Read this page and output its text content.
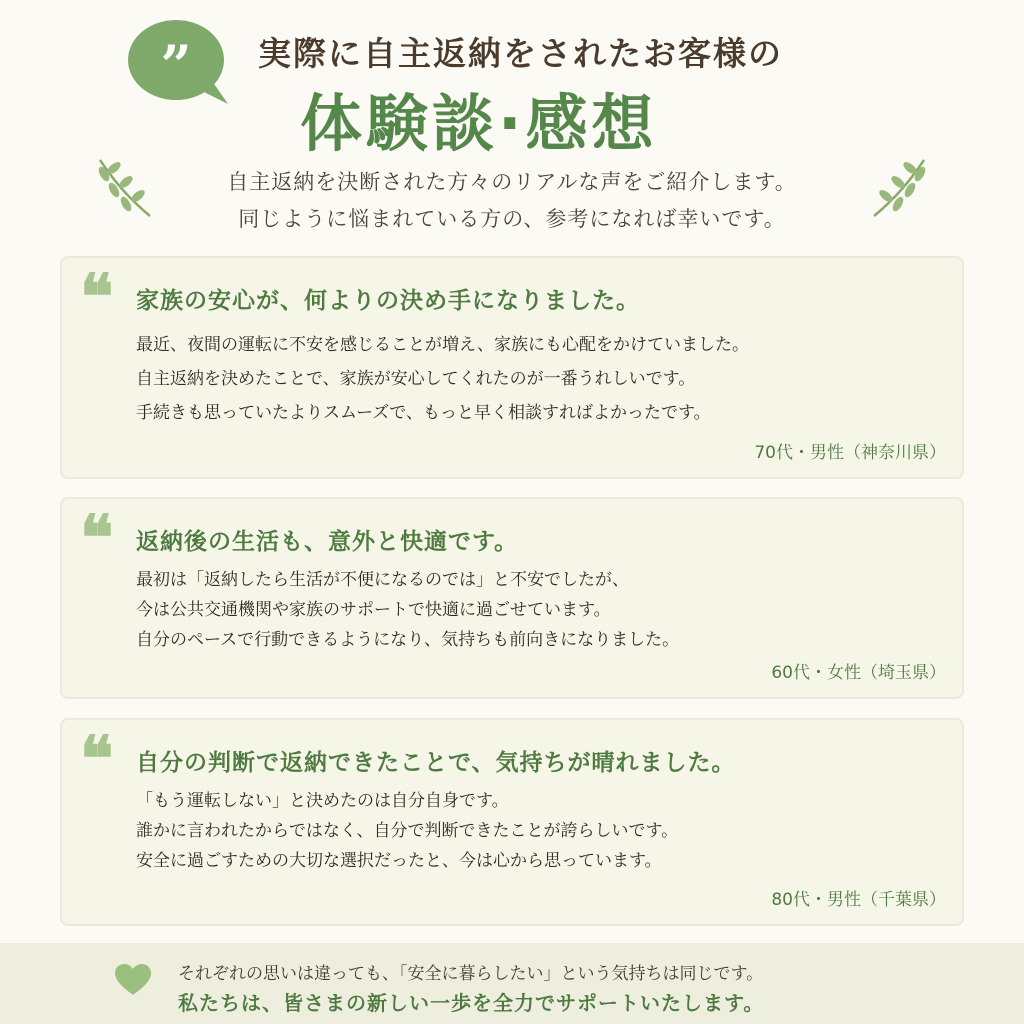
” 実際に自主返納をされたお客様の
体験談·感想
自主返納を決断された方々のリアルな声をご紹介します。
同じように悩まれている方の、参考になれば幸いです。
❝ 家族の安心が、何よりの決め手になりました。
最近、夜間の運転に不安を感じることが増え、家族にも心配をかけていました。
自主返納を決めたことで、家族が安心してくれたのが一番うれしいです。
手続きも思っていたよりスムーズで、もっと早く相談すればよかったです。
70代・男性（神奈川県）
❝ 返納後の生活も、意外と快適です。
最初は「返納したら生活が不便になるのでは」と不安でしたが、
今は公共交通機関や家族のサポートで快適に過ごせています。
自分のペースで行動できるようになり、気持ちも前向きになりました。
60代・女性（埼玉県）
❝ 自分の判断で返納できたことで、気持ちが晴れました。
「もう運転しない」と決めたのは自分自身です。
誰かに言われたからではなく、自分で判断できたことが誇らしいです。
安全に過ごすための大切な選択だったと、今は心から思っています。
80代・男性（千葉県）
それぞれの思いは違っても、「安全に暮らしたい」という気持ちは同じです。
私たちは、皆さまの新しい一歩を全力でサポートいたします。
